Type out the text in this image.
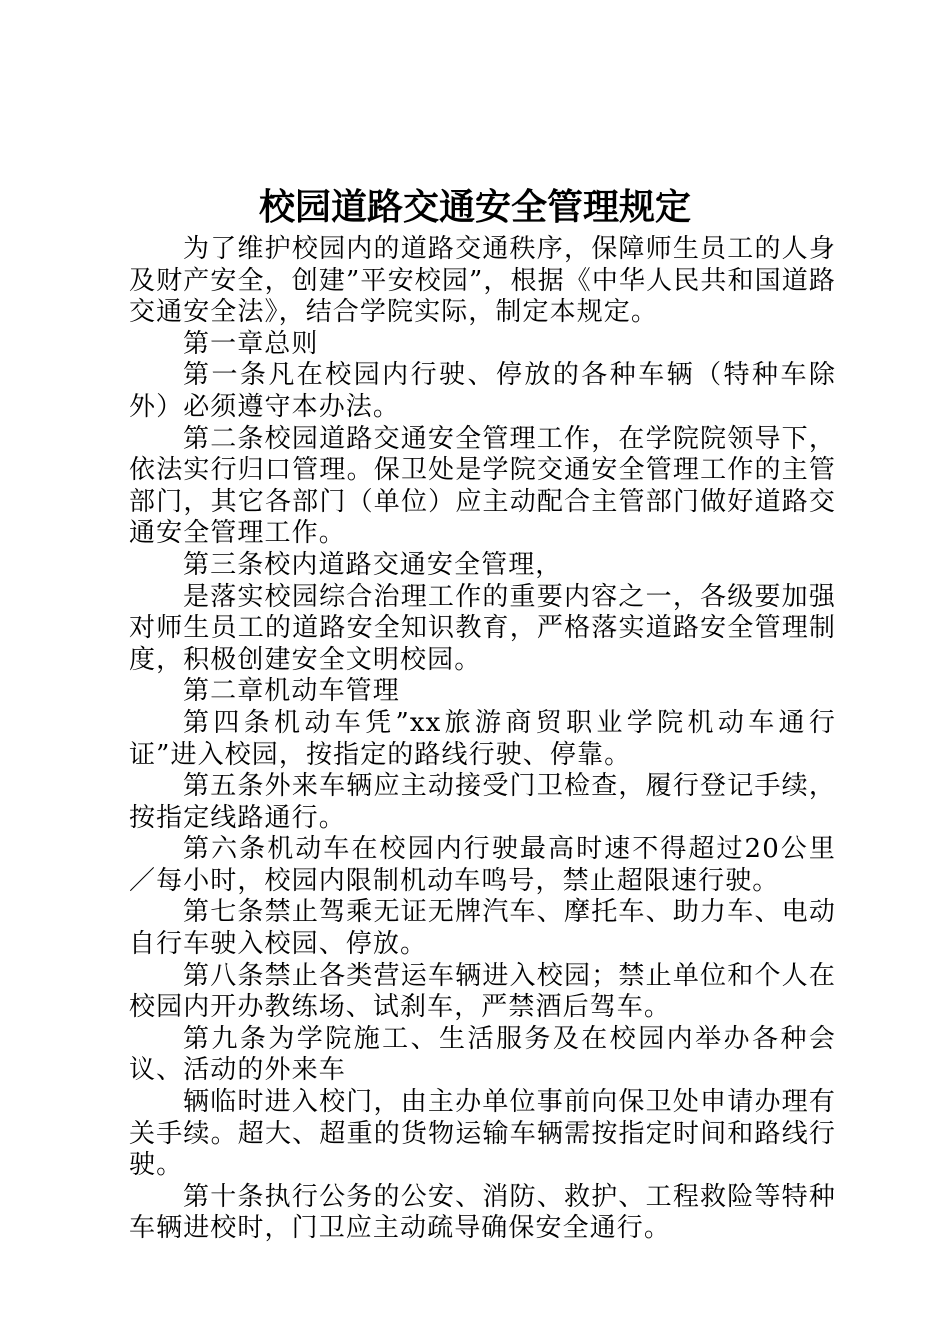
校园道路交通安全管理规定

为了维护校园内的道路交通秩序，保障师生员工的人身及财产安全，创建”平安校园”，根据《中华人民共和国道路交通安全法》，结合学院实际，制定本规定。

第一章总则

第一条凡在校园内行驶、停放的各种车辆（特种车除外）必须遵守本办法。

第二条校园道路交通安全管理工作，在学院院领导下，依法实行归口管理。保卫处是学院交通安全管理工作的主管部门，其它各部门（单位）应主动配合主管部门做好道路交通安全管理工作。

第三条校内道路交通安全管理，

是落实校园综合治理工作的重要内容之一，各级要加强对师生员工的道路安全知识教育，严格落实道路安全管理制度，积极创建安全文明校园。

第二章机动车管理

第四条机动车凭”xx旅游商贸职业学院机动车通行证”进入校园，按指定的路线行驶、停靠。

第五条外来车辆应主动接受门卫检查，履行登记手续，按指定线路通行。

第六条机动车在校园内行驶最高时速不得超过20公里／每小时，校园内限制机动车鸣号，禁止超限速行驶。

第七条禁止驾乘无证无牌汽车、摩托车、助力车、电动自行车驶入校园、停放。

第八条禁止各类营运车辆进入校园；禁止单位和个人在校园内开办教练场、试刹车，严禁酒后驾车。

第九条为学院施工、生活服务及在校园内举办各种会议、活动的外来车

辆临时进入校门，由主办单位事前向保卫处申请办理有关手续。超大、超重的货物运输车辆需按指定时间和路线行驶。

第十条执行公务的公安、消防、救护、工程救险等特种车辆进校时，门卫应主动疏导确保安全通行。
